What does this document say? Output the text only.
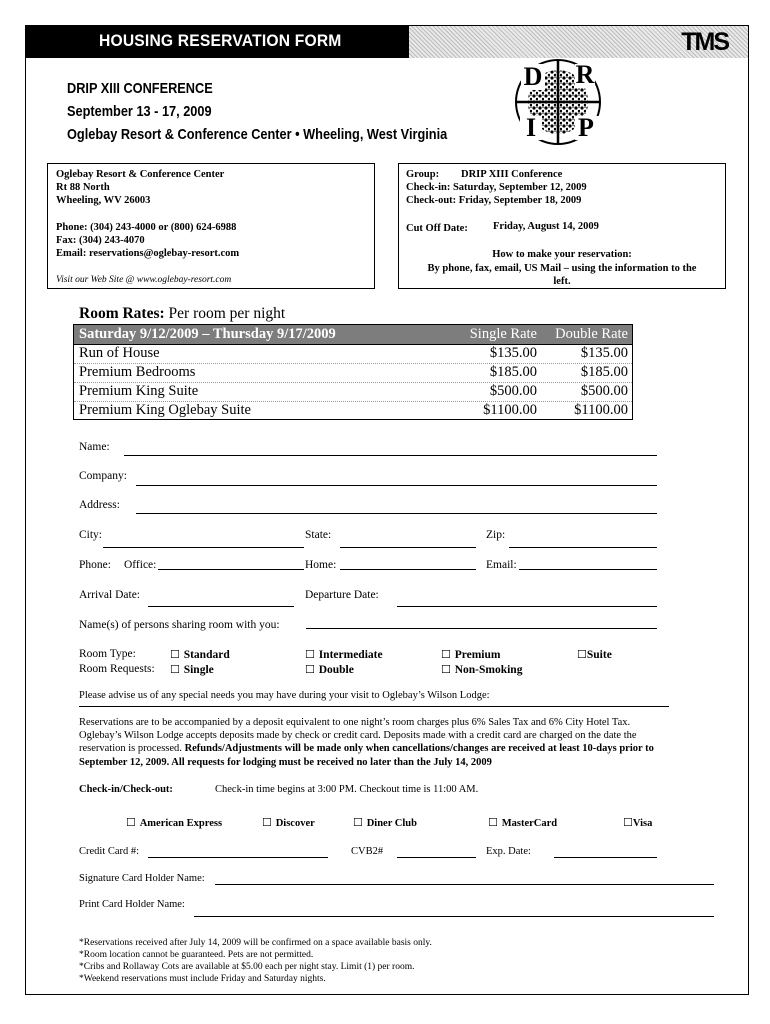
HOUSING RESERVATION FORM	TMS
DRIP XIII CONFERENCE
September 13 - 17, 2009
Oglebay Resort & Conference Center • Wheeling, West Virginia
D R
I P
Oglebay Resort & Conference Center
Rt 88 North
Wheeling, WV 26003
Phone: (304) 243-4000 or (800) 624-6988
Fax: (304) 243-4070
Email: reservations@oglebay-resort.com
Visit our Web Site @ www.oglebay-resort.com
Group: DRIP XIII Conference
Check-in: Saturday, September 12, 2009
Check-out: Friday, September 18, 2009
Cut Off Date: Friday, August 14, 2009
How to make your reservation:
By phone, fax, email, US Mail – using the information to the
left.
Room Rates: Per room per night
Saturday 9/12/2009 – Thursday 9/17/2009	Single Rate	Double Rate
Run of House	$135.00	$135.00
Premium Bedrooms	$185.00	$185.00
Premium King Suite	$500.00	$500.00
Premium King Oglebay Suite	$1100.00	$1100.00
Name:
Company:
Address:
City:	State:	Zip:
Phone: Office:	Home:	Email:
Arrival Date:	Departure Date:
Name(s) of persons sharing room with you:
Room Type:	☐ Standard	☐ Intermediate	☐ Premium	☐Suite
Room Requests: ☐ Single	☐ Double	☐ Non-Smoking
Please advise us of any special needs you may have during your visit to Oglebay’s Wilson Lodge:
Reservations are to be accompanied by a deposit equivalent to one night’s room charges plus 6% Sales Tax and 6% City Hotel Tax.
Oglebay’s Wilson Lodge accepts deposits made by check or credit card. Deposits made with a credit card are charged on the date the
reservation is processed. Refunds/Adjustments will be made only when cancellations/changes are received at least 10-days prior to
September 12, 2009. All requests for lodging must be received no later than the July 14, 2009
Check-in/Check-out:	Check-in time begins at 3:00 PM. Checkout time is 11:00 AM.
☐ American Express	☐ Discover	☐ Diner Club	☐ MasterCard	☐Visa
Credit Card #:	CVB2#	Exp. Date:
Signature Card Holder Name:
Print Card Holder Name:
*Reservations received after July 14, 2009 will be confirmed on a space available basis only.
*Room location cannot be guaranteed. Pets are not permitted.
*Cribs and Rollaway Cots are available at $5.00 each per night stay. Limit (1) per room.
*Weekend reservations must include Friday and Saturday nights.
